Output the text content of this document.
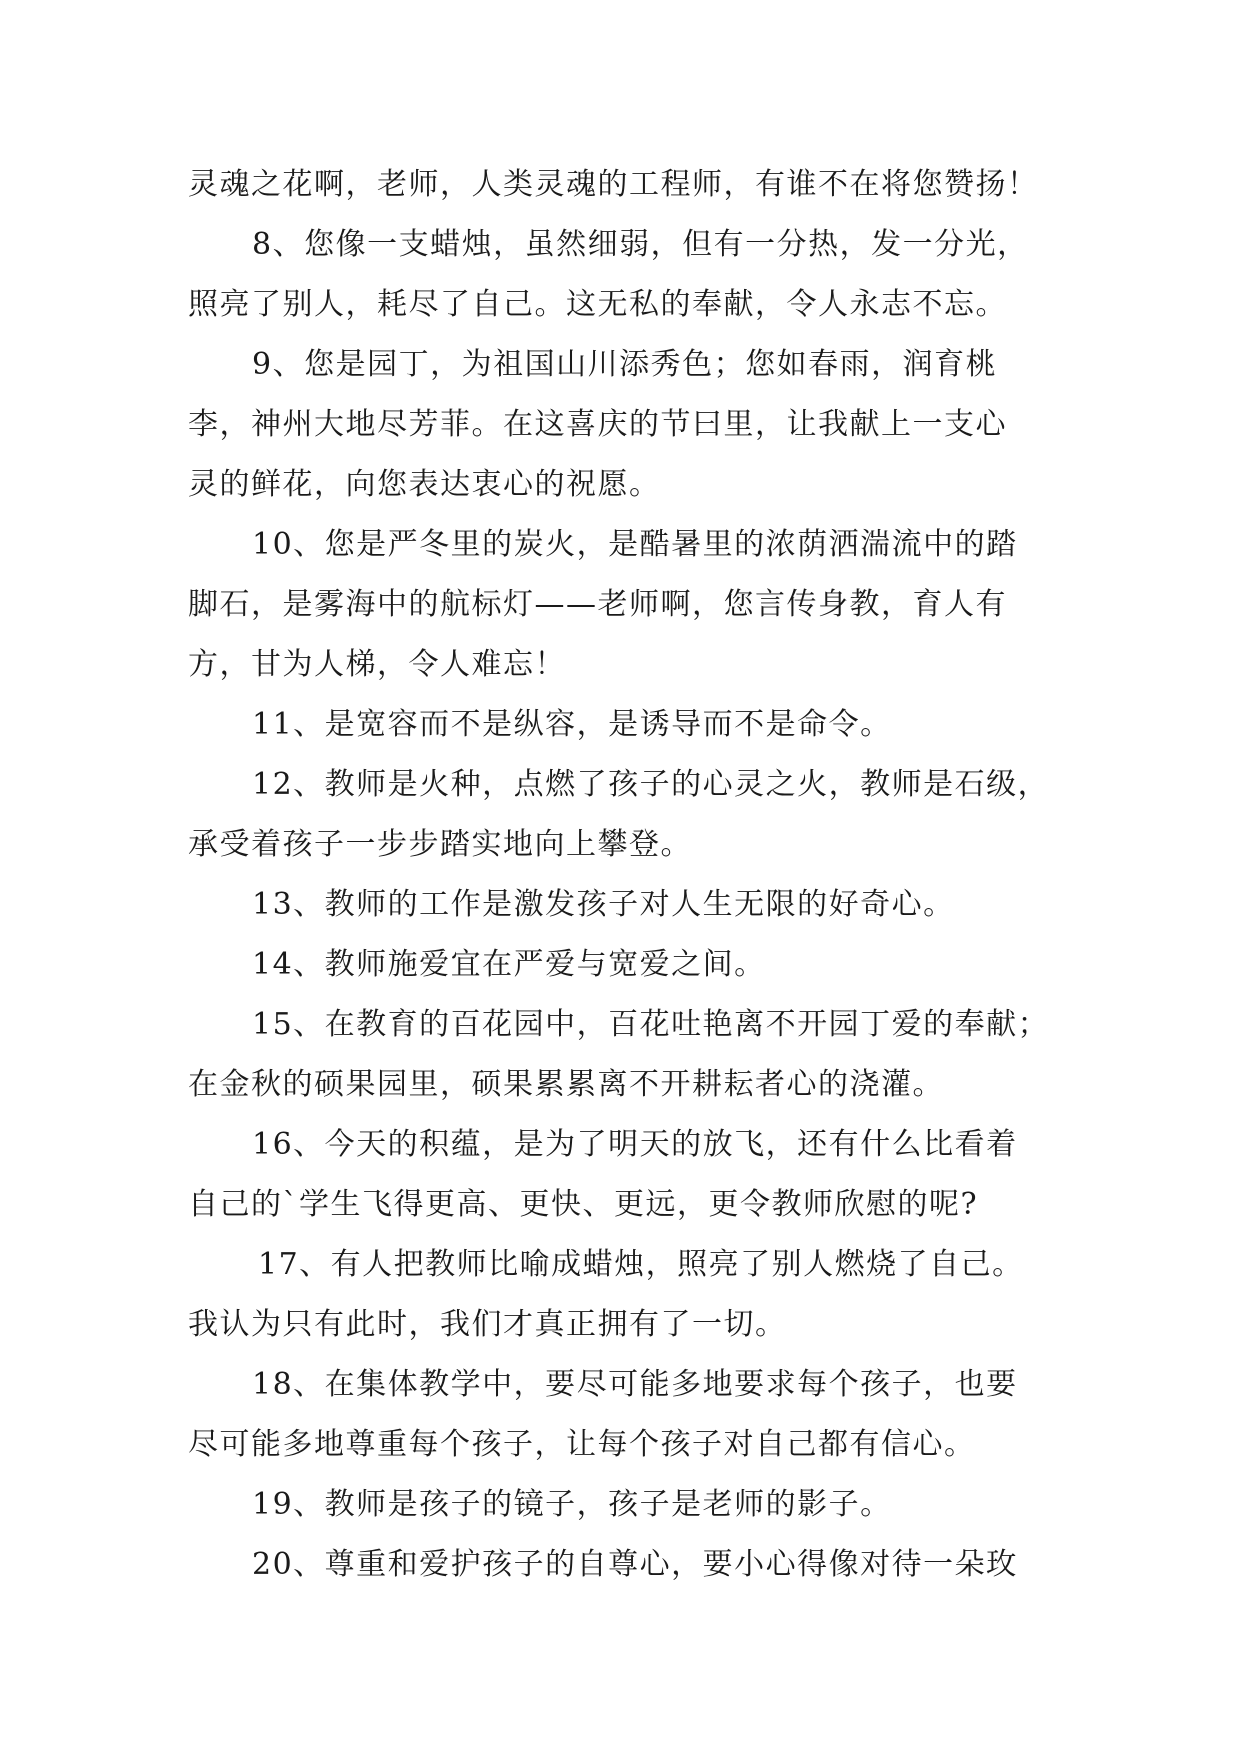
灵魂之花啊，老师，人类灵魂的工程师，有谁不在将您赞扬！
8、您像一支蜡烛，虽然细弱，但有一分热，发一分光，
照亮了别人，耗尽了自己。这无私的奉献，令人永志不忘。
9、您是园丁，为祖国山川添秀色；您如春雨，润育桃
李，神州大地尽芳菲。在这喜庆的节曰里，让我献上一支心
灵的鲜花，向您表达衷心的祝愿。
10、您是严冬里的炭火，是酷暑里的浓荫洒湍流中的踏
脚石，是雾海中的航标灯——老师啊，您言传身教，育人有
方，甘为人梯，令人难忘！
11、是宽容而不是纵容，是诱导而不是命令。
12、教师是火种，点燃了孩子的心灵之火，教师是石级，
承受着孩子一步步踏实地向上攀登。
13、教师的工作是激发孩子对人生无限的好奇心。
14、教师施爱宜在严爱与宽爱之间。
15、在教育的百花园中，百花吐艳离不开园丁爱的奉献；
在金秋的硕果园里，硕果累累离不开耕耘者心的浇灌。
16、今天的积蕴，是为了明天的放飞，还有什么比看着
自己的`学生飞得更高、更快、更远，更令教师欣慰的呢?
17、有人把教师比喻成蜡烛，照亮了别人燃烧了自己。
我认为只有此时，我们才真正拥有了一切。
18、在集体教学中，要尽可能多地要求每个孩子，也要
尽可能多地尊重每个孩子，让每个孩子对自己都有信心。
19、教师是孩子的镜子，孩子是老师的影子。
20、尊重和爱护孩子的自尊心，要小心得像对待一朵玫
